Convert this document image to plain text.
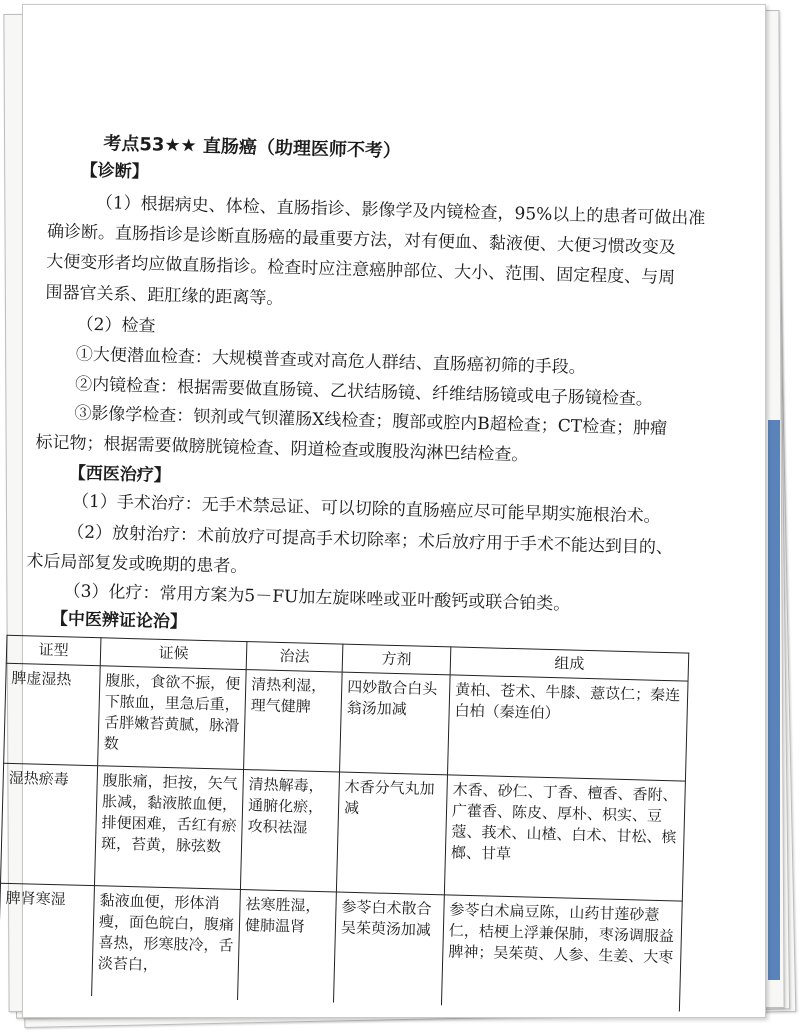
考点53★★ 直肠癌（助理医师不考）
【诊断】
（1）根据病史、体检、直肠指诊、影像学及内镜检查，95%以上的患者可做出准
确诊断。直肠指诊是诊断直肠癌的最重要方法，对有便血、黏液便、大便习惯改变及
大便变形者均应做直肠指诊。检查时应注意癌肿部位、大小、范围、固定程度、与周
围器官关系、距肛缘的距离等。
（2）检查
①大便潜血检查：大规模普查或对高危人群结、直肠癌初筛的手段。
②内镜检查：根据需要做直肠镜、乙状结肠镜、纤维结肠镜或电子肠镜检查。
③影像学检查：钡剂或气钡灌肠X线检查；腹部或腔内B超检查；CT检查；肿瘤
标记物；根据需要做膀胱镜检查、阴道检查或腹股沟淋巴结检查。
【西医治疗】
（1）手术治疗：无手术禁忌证、可以切除的直肠癌应尽可能早期实施根治术。
（2）放射治疗：术前放疗可提高手术切除率；术后放疗用于手术不能达到目的、
术后局部复发或晚期的患者。
（3）化疗：常用方案为5－FU加左旋咪唑或亚叶酸钙或联合铂类。
【中医辨证论治】
证型	证候	治法	方剂	组成
脾虚湿热	腹胀，食欲不振，便下脓血，里急后重，舌胖嫩苔黄腻，脉滑数	清热利湿，理气健脾	四妙散合白头翁汤加减	黄柏、苍术、牛膝、薏苡仁；秦连白柏（秦连伯）
湿热瘀毒	腹胀痛，拒按，矢气胀减，黏液脓血便，排便困难，舌红有瘀斑，苔黄，脉弦数	清热解毒，通腑化瘀，攻积祛湿	木香分气丸加减	木香、砂仁、丁香、檀香、香附、广藿香、陈皮、厚朴、枳实、豆蔻、莪术、山楂、白术、甘松、槟榔、甘草
脾肾寒湿	黏液血便，形体消瘦，面色皖白，腹痛喜热，形寒肢冷，舌淡苔白，	祛寒胜湿，健肺温肾	参苓白术散合吴茱萸汤加减	参苓白术扁豆陈，山药甘莲砂薏仁，桔梗上浮兼保肺，枣汤调服益脾神；吴茱萸、人参、生姜、大枣
